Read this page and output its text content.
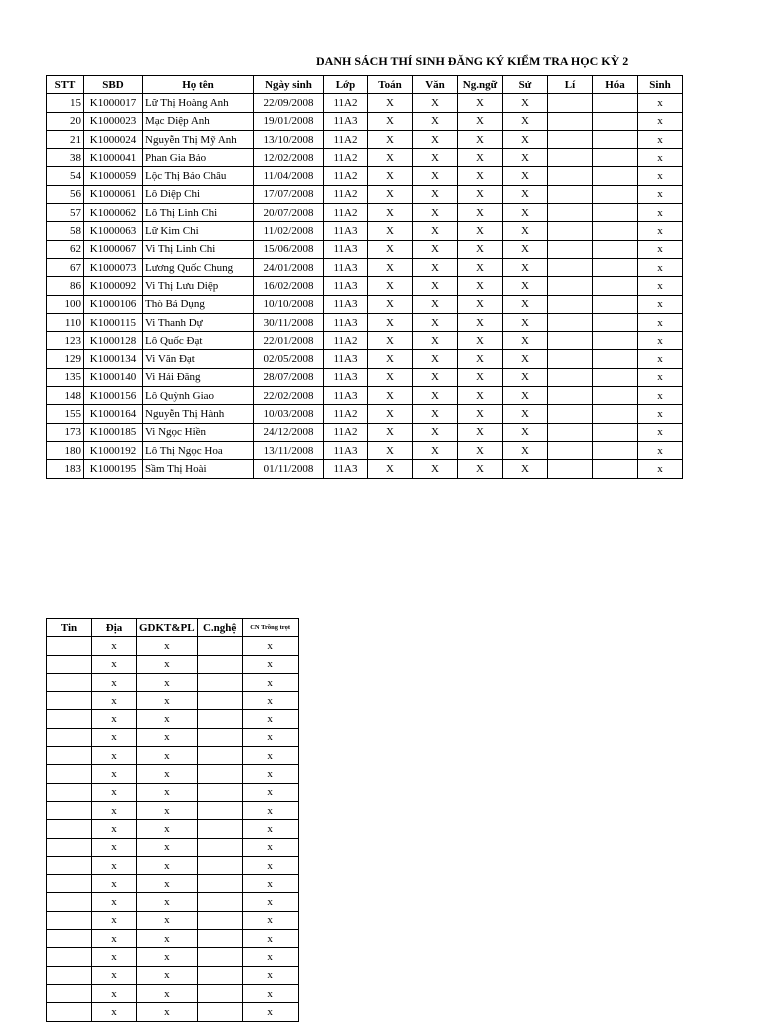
DANH SÁCH THÍ SINH ĐĂNG KÝ KIỂM TRA HỌC KỲ 2
STT	SBD	Họ tên	Ngày sinh	Lớp	Toán	Văn	Ng.ngữ	Sử	Lí	Hóa	Sinh
15	K1000017	Lữ Thị Hoàng Anh	22/09/2008	11A2	X	X	X	X			x
20	K1000023	Mạc Diệp Anh	19/01/2008	11A3	X	X	X	X			x
21	K1000024	Nguyễn Thị Mỹ Anh	13/10/2008	11A2	X	X	X	X			x
38	K1000041	Phan Gia Bảo	12/02/2008	11A2	X	X	X	X			x
54	K1000059	Lộc Thị Bảo Châu	11/04/2008	11A2	X	X	X	X			x
56	K1000061	Lô Diệp Chi	17/07/2008	11A2	X	X	X	X			x
57	K1000062	Lô Thị Linh Chi	20/07/2008	11A2	X	X	X	X			x
58	K1000063	Lữ Kim Chi	11/02/2008	11A3	X	X	X	X			x
62	K1000067	Vi Thị Linh Chi	15/06/2008	11A3	X	X	X	X			x
67	K1000073	Lương Quốc Chung	24/01/2008	11A3	X	X	X	X			x
86	K1000092	Vi Thị Lưu Diệp	16/02/2008	11A3	X	X	X	X			x
100	K1000106	Thò Bá Dụng	10/10/2008	11A3	X	X	X	X			x
110	K1000115	Vi Thanh Dự	30/11/2008	11A3	X	X	X	X			x
123	K1000128	Lô Quốc Đạt	22/01/2008	11A2	X	X	X	X			x
129	K1000134	Vi Văn Đạt	02/05/2008	11A3	X	X	X	X			x
135	K1000140	Vi Hải Đăng	28/07/2008	11A3	X	X	X	X			x
148	K1000156	Lô Quỳnh Giao	22/02/2008	11A3	X	X	X	X			x
155	K1000164	Nguyễn Thị Hành	10/03/2008	11A2	X	X	X	X			x
173	K1000185	Vi Ngọc Hiền	24/12/2008	11A2	X	X	X	X			x
180	K1000192	Lô Thị Ngọc Hoa	13/11/2008	11A3	X	X	X	X			x
183	K1000195	Sầm Thị Hoài	01/11/2008	11A3	X	X	X	X			x
Tin	Địa	GDKT&PL	C.nghệ	CN Trồng trọt
	x	x		x
	x	x		x
	x	x		x
	x	x		x
	x	x		x
	x	x		x
	x	x		x
	x	x		x
	x	x		x
	x	x		x
	x	x		x
	x	x		x
	x	x		x
	x	x		x
	x	x		x
	x	x		x
	x	x		x
	x	x		x
	x	x		x
	x	x		x
	x	x		x
